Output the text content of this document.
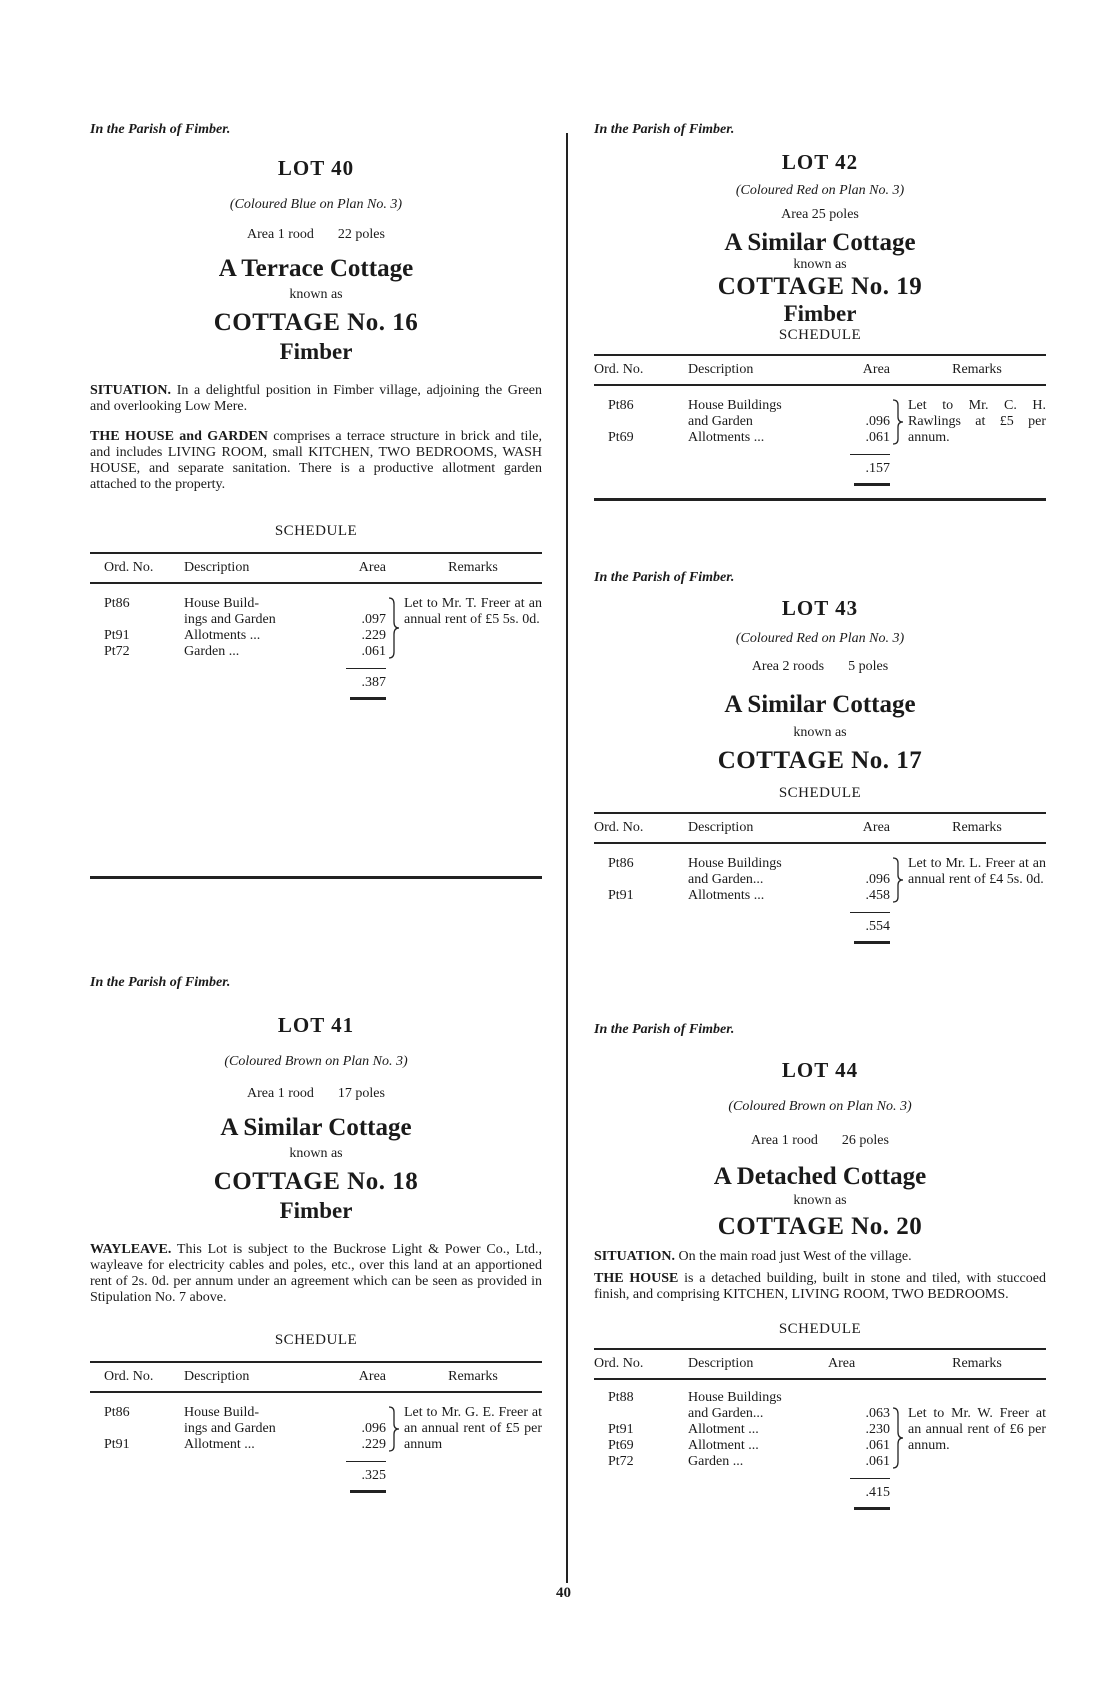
In the Parish of Fimber.

LOT 40
(Coloured Blue on Plan No. 3)
Area 1 rood 22 poles
A Terrace Cottage
known as
COTTAGE No. 16
Fimber

SITUATION. In a delightful position in Fimber village, adjoining the Green and overlooking Low Mere.

THE HOUSE and GARDEN comprises a terrace structure in brick and tile, and includes LIVING ROOM, small KITCHEN, TWO BEDROOMS, WASH HOUSE, and separate sanitation. There is a productive allotment garden attached to the property.

SCHEDULE
Ord. No.	Description	Area		Remarks

Pt86	House Build-			Let to Mr. T. Freer at an annual rent of £5 5s. 0d.
	ings and Garden	.097		
Pt91	Allotments ...	.229		
Pt72	Garden ...	.061		
		.387

In the Parish of Fimber.

LOT 41
(Coloured Brown on Plan No. 3)
Area 1 rood 17 poles
A Similar Cottage
known as
COTTAGE No. 18
Fimber

WAYLEAVE. This Lot is subject to the Buckrose Light & Power Co., Ltd., wayleave for electricity cables and poles, etc., over this land at an apportioned rent of 2s. 0d. per annum under an agreement which can be seen as provided in Stipulation No. 7 above.

SCHEDULE
Ord. No.	Description	Area		Remarks

Pt86	House Build-			Let to Mr. G. E. Freer at an annual rent of £5 per annum
	ings and Garden	.096		
Pt91	Allotment ...	.229		
		.325

In the Parish of Fimber.

LOT 42
(Coloured Red on Plan No. 3)
Area 25 poles
A Similar Cottage
known as
COTTAGE No. 19
Fimber
SCHEDULE
Ord. No.	Description	Area		Remarks

Pt86	House Buildings			Let to Mr. C. H. Rawlings at £5 per annum.
	and Garden	.096		
Pt69	Allotments ...	.061		
		.157

In the Parish of Fimber.

LOT 43
(Coloured Red on Plan No. 3)
Area 2 roods 5 poles
A Similar Cottage
known as
COTTAGE No. 17
SCHEDULE
Ord. No.	Description	Area		Remarks

Pt86	House Buildings			Let to Mr. L. Freer at an annual rent of £4 5s. 0d.
	and Garden...	.096		
Pt91	Allotments ...	.458		
		.554

In the Parish of Fimber.

LOT 44
(Coloured Brown on Plan No. 3)
Area 1 rood 26 poles
A Detached Cottage
known as
COTTAGE No. 20

SITUATION. On the main road just West of the village.

THE HOUSE is a detached building, built in stone and tiled, with stuccoed finish, and comprising KITCHEN, LIVING ROOM, TWO BEDROOMS.

SCHEDULE
Ord. No.	Description	Area		Remarks

Pt88	House Buildings			Let to Mr. W. Freer at an annual rent of £6 per annum.
	and Garden...	.063		
Pt91	Allotment ...	.230		
Pt69	Allotment ...	.061		
Pt72	Garden ...	.061		
		.415

40
